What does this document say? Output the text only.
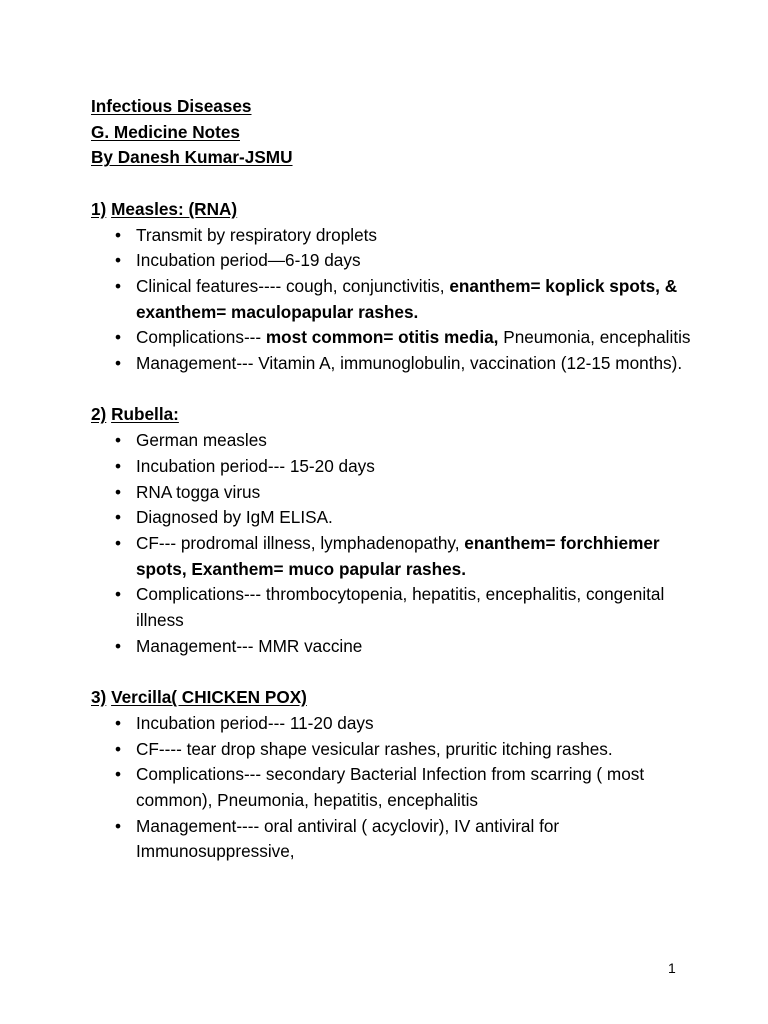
Infectious Diseases
G. Medicine Notes
By Danesh Kumar-JSMU
1) Measles: (RNA)
• Transmit by respiratory droplets
• Incubation period—6-19 days
• Clinical features---- cough, conjunctivitis, enanthem= koplick spots, & exanthem= maculopapular rashes.
• Complications--- most common= otitis media, Pneumonia, encephalitis
• Management--- Vitamin A, immunoglobulin, vaccination (12-15 months).
2) Rubella:
• German measles
• Incubation period--- 15-20 days
• RNA togga virus
• Diagnosed by IgM ELISA.
• CF--- prodromal illness, lymphadenopathy, enanthem= forchhiemer spots, Exanthem= muco papular rashes.
• Complications--- thrombocytopenia, hepatitis, encephalitis, congenital illness
• Management--- MMR vaccine
3) Vercilla( CHICKEN POX)
• Incubation period--- 11-20 days
• CF---- tear drop shape vesicular rashes, pruritic itching rashes.
• Complications--- secondary Bacterial Infection from scarring ( most common), Pneumonia, hepatitis, encephalitis
• Management---- oral antiviral ( acyclovir), IV antiviral for Immunosuppressive,
1
